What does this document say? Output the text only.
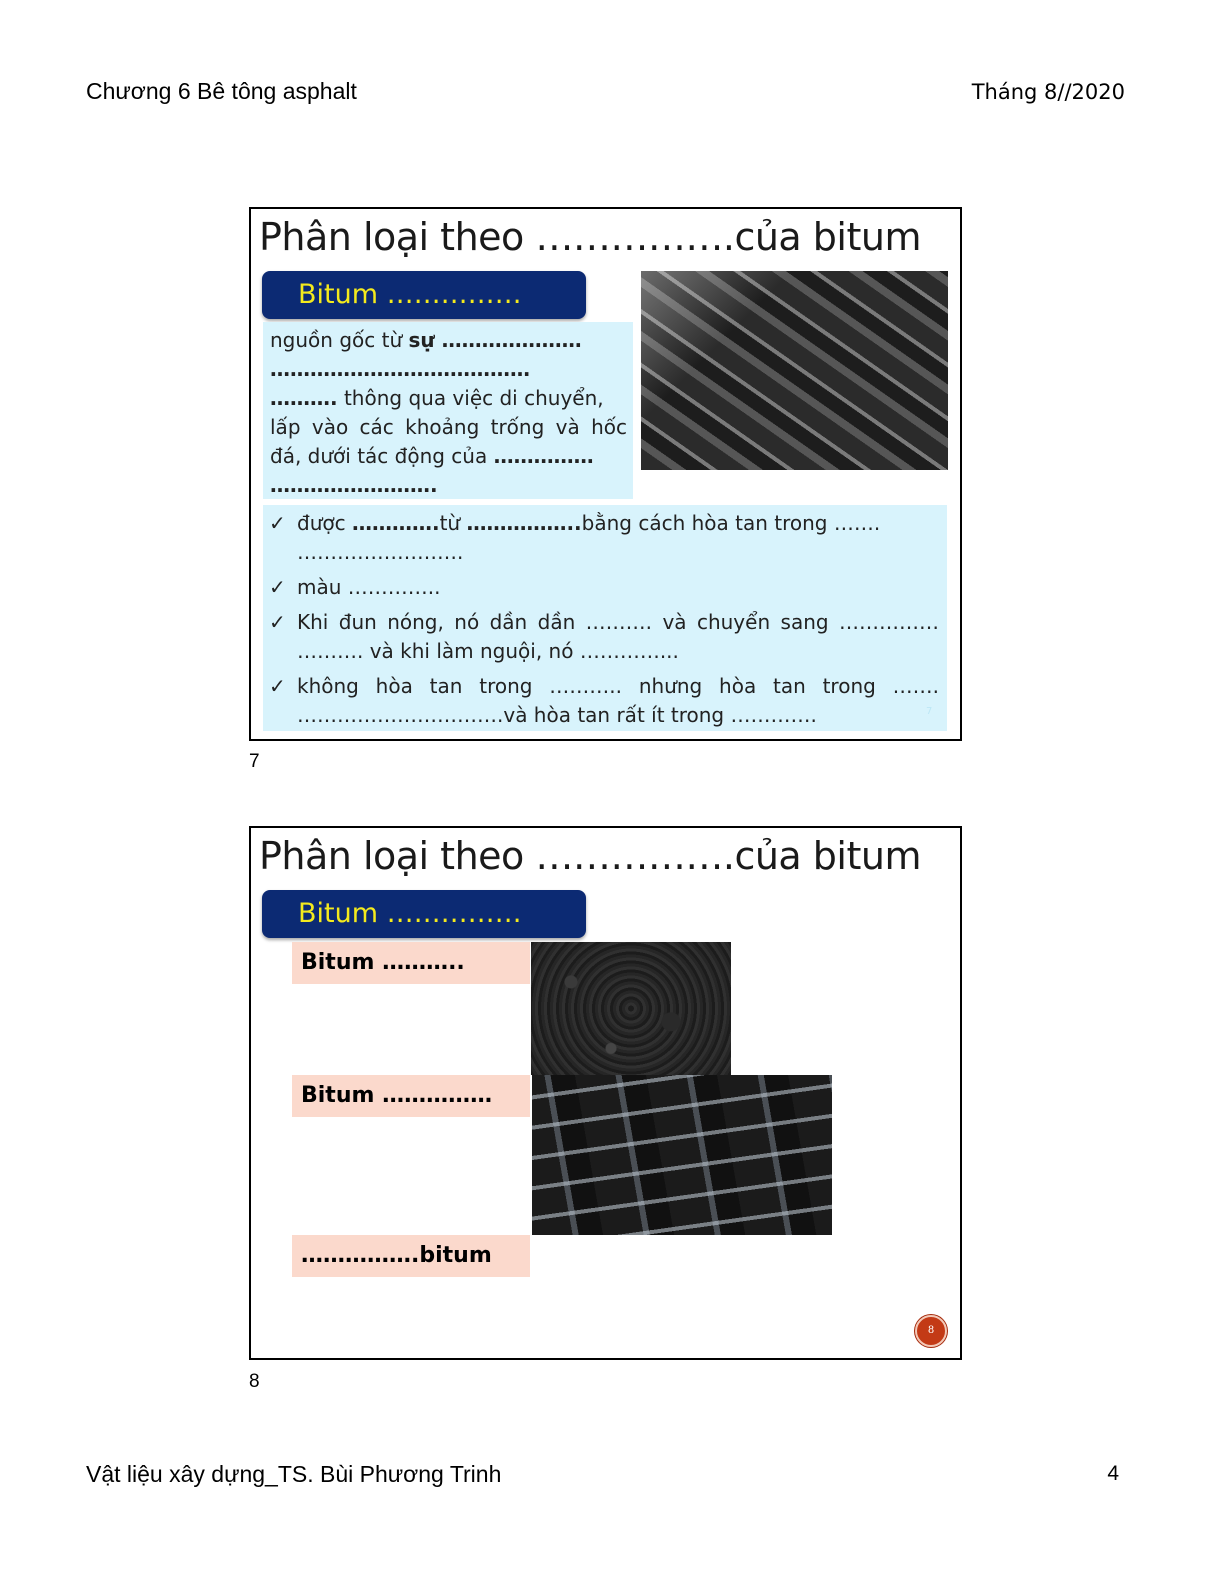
Chương 6 Bê tông asphalt	Tháng 8//2020
Phân loại theo …………….của bitum
Bitum ……………
nguồn gốc từ sự …………………
…………………………………
………. thông qua việc di chuyển,
lấp vào các khoảng trống và hốc
đá, dưới tác động của ……………
…………………….
✓ được ………….từ ……………..bằng cách hòa tan trong …….
…………………….
✓ màu …………..
✓ Khi đun nóng, nó dần dần ………. và chuyển sang ……………
………. và khi làm nguội, nó …………...
✓ không hòa tan trong ……….. nhưng hòa tan trong …….
………………………….và hòa tan rất ít trong ………….	7
7
Phân loại theo …………….của bitum
Bitum ……………
Bitum ………..
Bitum ……………
…………….bitum
8
8
Vật liệu xây dựng_TS. Bùi Phương Trinh	4
